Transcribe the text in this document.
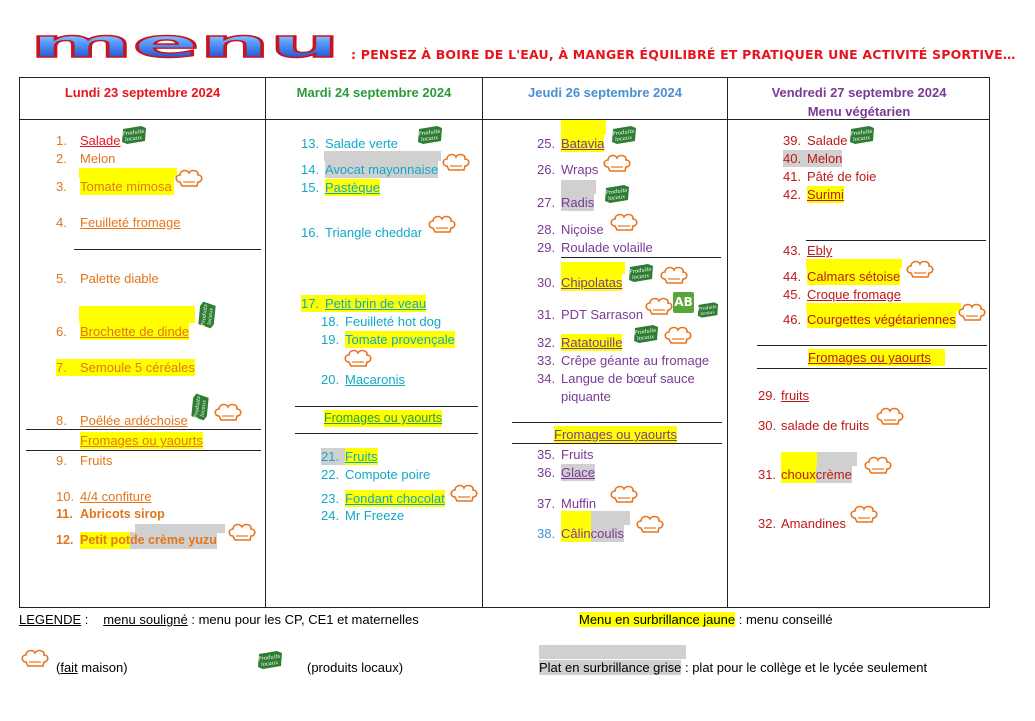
menu : PENSEZ À BOIRE DE L'EAU, À MANGER ÉQUILIBRÉ ET PRATIQUER UNE ACTIVITÉ SPORTIVE…
Lundi 23 septembre 2024	Mardi 24 septembre 2024	Jeudi 26 septembre 2024	Vendredi 27 septembre 2024
Menu végétarien
1. Salade
2. Melon
3. Tomate mimosa
4. Feuilleté fromage
5. Palette diable
6. Brochette de dinde
7. Semoule 5 céréales
8. Poêlée ardéchoise
Fromages ou yaourts
9. Fruits
10. 4/4 confiture
11. Abricots sirop
12. Petit potde crème yuzu
13. Salade verte
14. Avocat mayonnaise
15. Pastèque
16. Triangle cheddar
17. Petit brin de veau
18. Feuilleté hot dog
19. Tomate provençale
20. Macaronis
Fromages ou yaourts
21. Fruits
22. Compote poire
23. Fondant chocolat
24. Mr Freeze
25. Batavia
26. Wraps
27. Radis
28. Niçoise
29. Roulade volaille
30. Chipolatas
31. PDT Sarrason
AB
32. Ratatouille
33. Crêpe géante au fromage
34. Langue de bœuf sauce
piquante
Fromages ou yaourts
35. Fruits
36. Glace
37. Muffin
38. Câlincoulis
39. Salade
40. Melon
41. Pâté de foie
42. Surimi
43. Ebly
44. Calmars sétoise
45. Croque fromage
46. Courgettes végétariennes
Fromages ou yaourts
29. fruits
30. salade de fruits
31. chouxcrème
32. Amandines
LEGENDE :   menu souligné : menu pour les CP, CE1 et maternelles	Menu en surbrillance jaune : menu conseillé
(fait maison)	(produits locaux)	Plat en surbrillance grise : plat pour le collège et le lycée seulement
